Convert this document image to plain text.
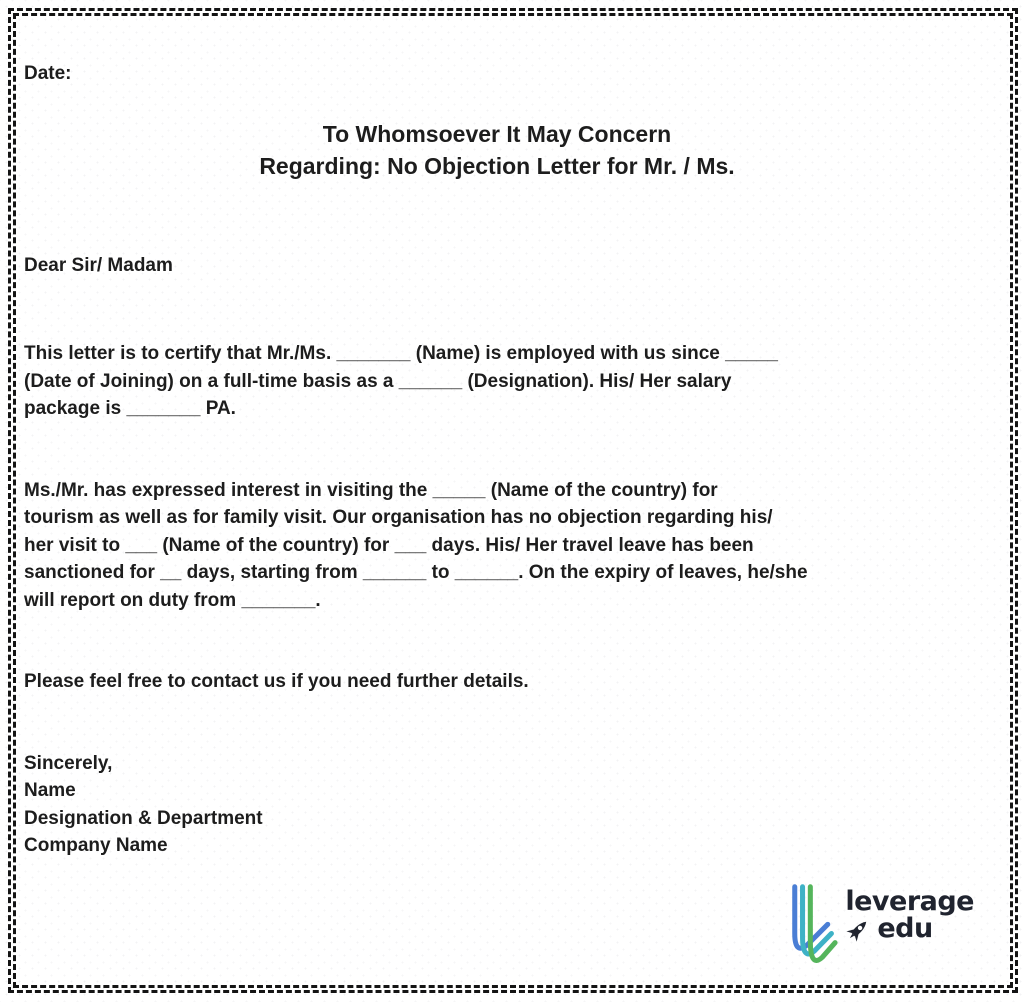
Date:
To Whomsoever It May Concern
Regarding: No Objection Letter for Mr. / Ms.
Dear Sir/ Madam
This letter is to certify that Mr./Ms. _______ (Name) is employed with us since _____
(Date of Joining) on a full-time basis as a ______ (Designation). His/ Her salary
package is _______ PA.
Ms./Mr. has expressed interest in visiting the _____ (Name of the country) for
tourism as well as for family visit. Our organisation has no objection regarding his/
her visit to ___ (Name of the country) for ___ days. His/ Her travel leave has been
sanctioned for __ days, starting from ______ to ______. On the expiry of leaves, he/she
will report on duty from _______.
Please feel free to contact us if you need further details.
Sincerely,
Name
Designation & Department
Company Name
leverage
edu
